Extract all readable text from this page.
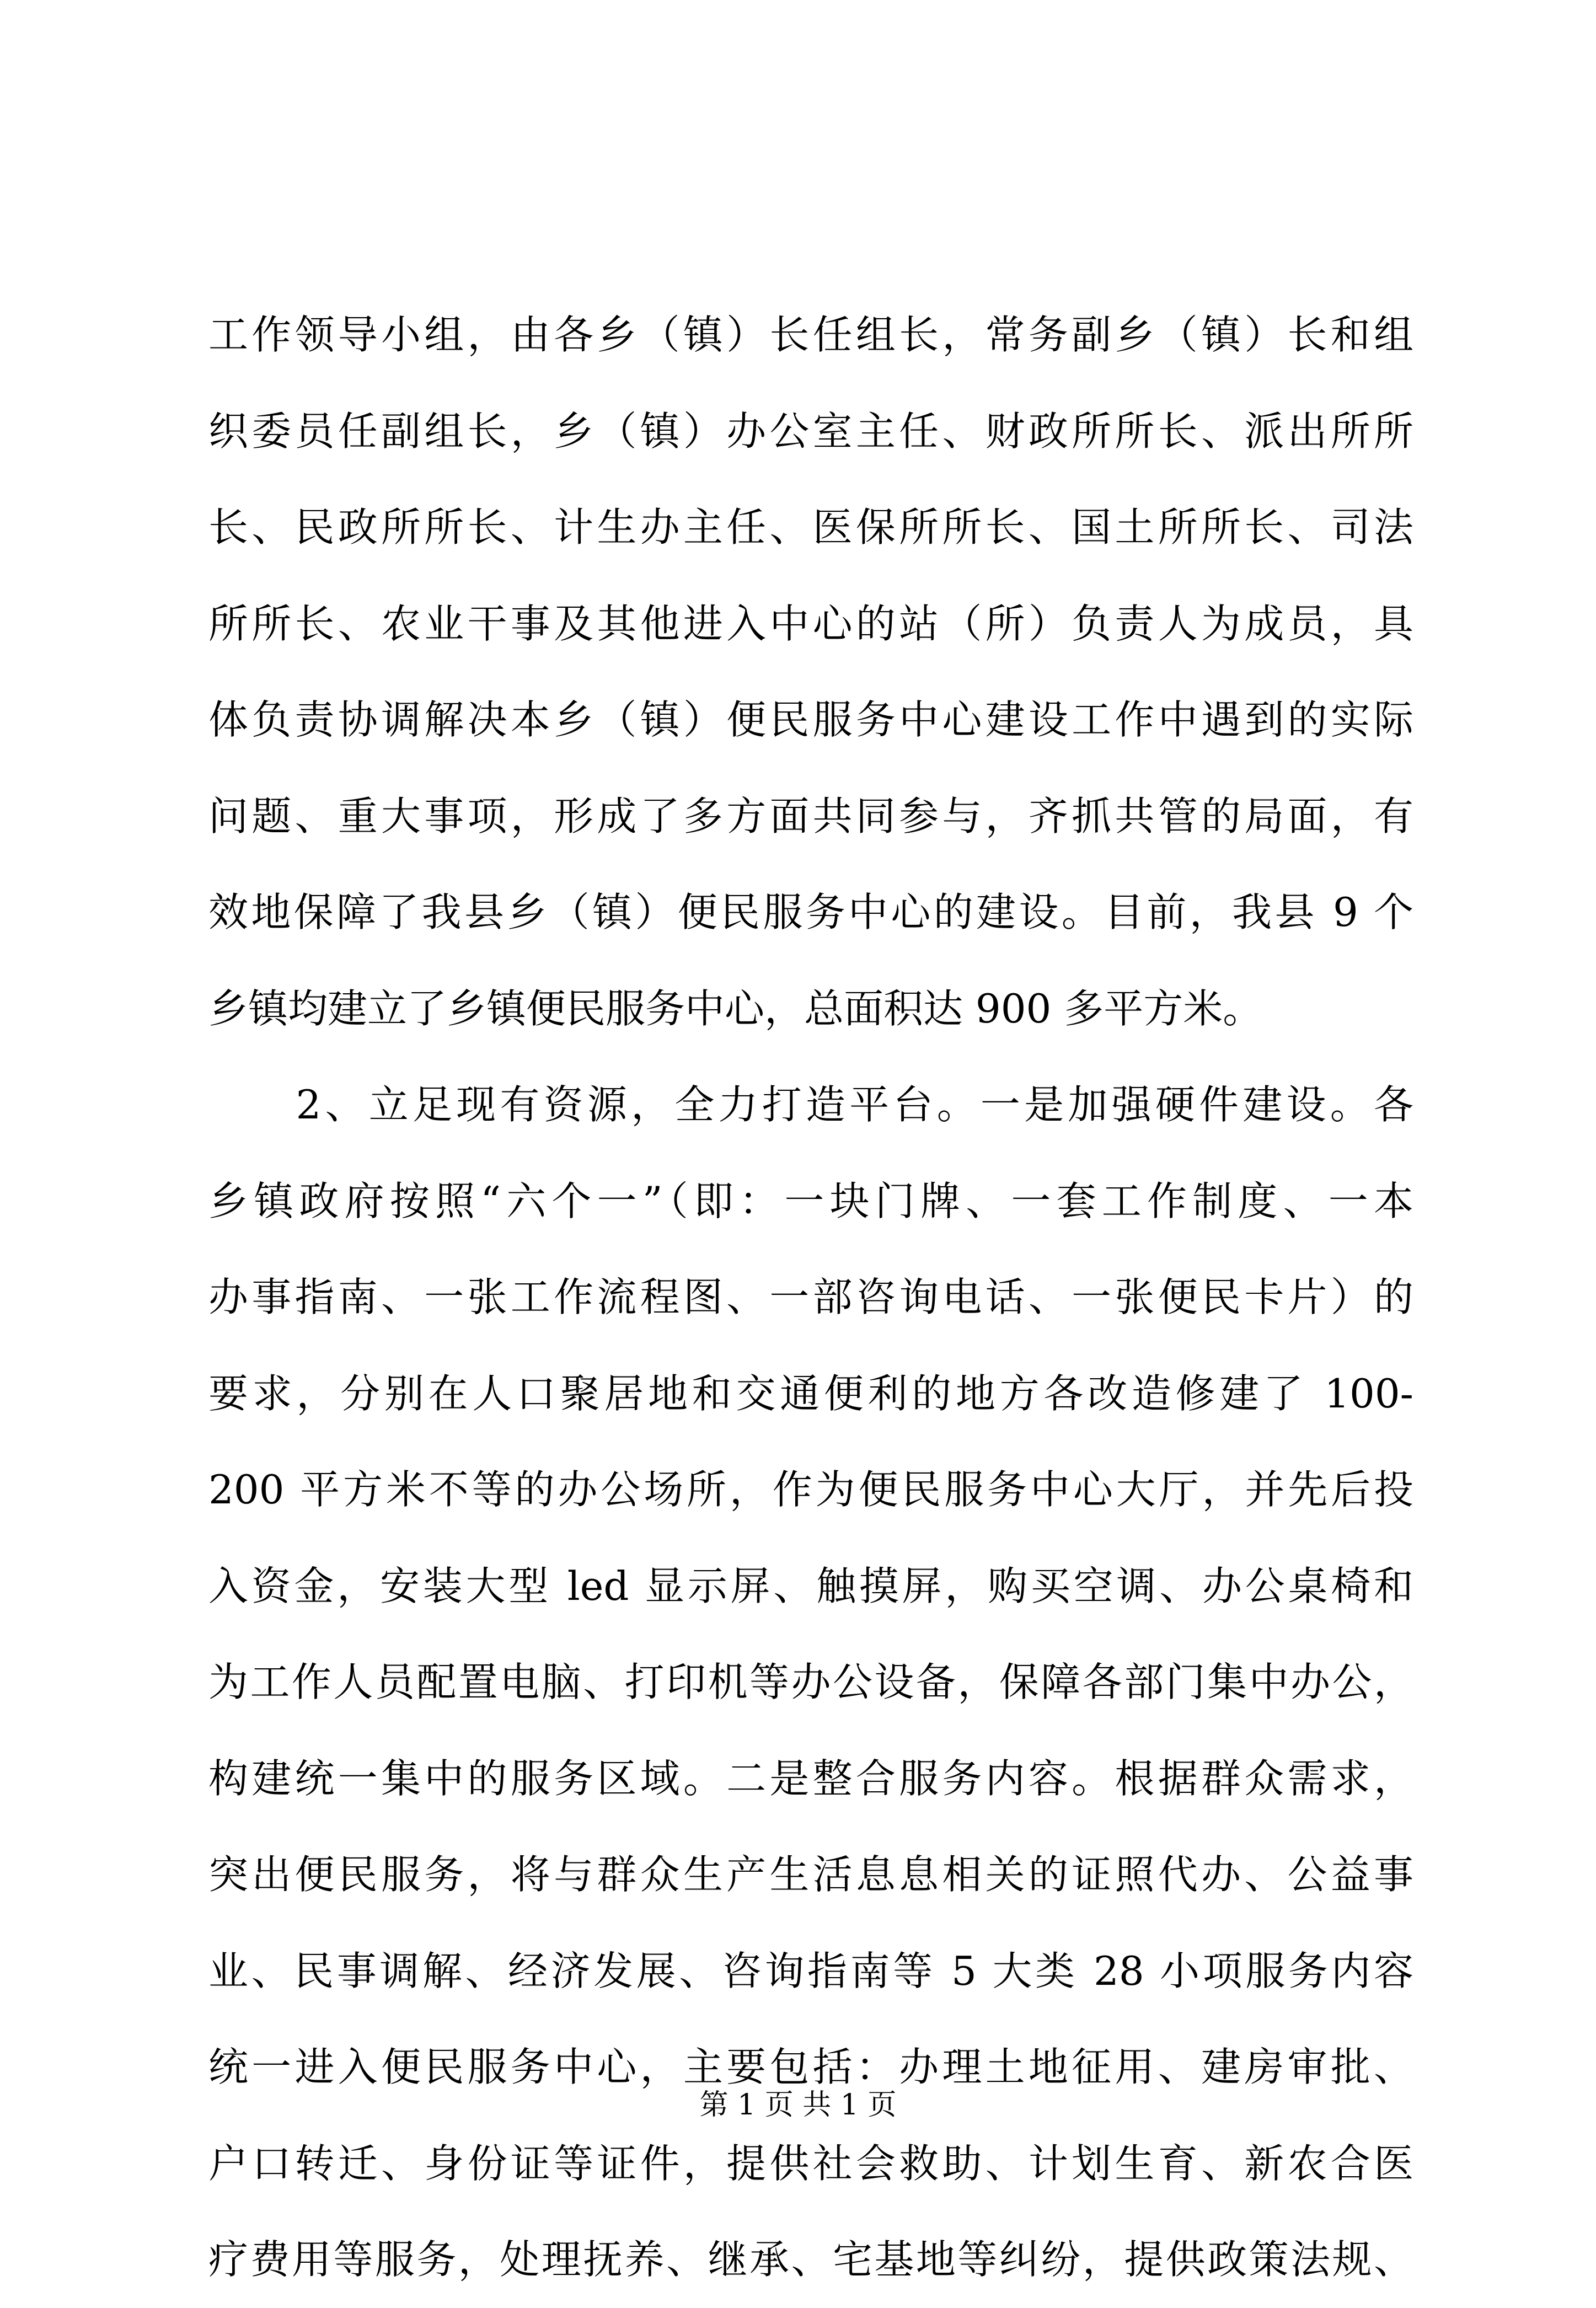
工作领导小组，由各乡（镇）长任组长，常务副乡（镇）长和组
织委员任副组长，乡（镇）办公室主任、财政所所长、派出所所
长、民政所所长、计生办主任、医保所所长、国土所所长、司法
所所长、农业干事及其他进入中心的站（所）负责人为成员，具
体负责协调解决本乡（镇）便民服务中心建设工作中遇到的实际
问题、重大事项，形成了多方面共同参与，齐抓共管的局面，有
效地保障了我县乡（镇）便民服务中心的建设。目前，我县 9 个
乡镇均建立了乡镇便民服务中心，总面积达 900 多平方米。
　　2、立足现有资源，全力打造平台。一是加强硬件建设。各
乡镇政府按照“六个一”（即：一块门牌、一套工作制度、一本
办事指南、一张工作流程图、一部咨询电话、一张便民卡片）的
要求，分别在人口聚居地和交通便利的地方各改造修建了 100-
200 平方米不等的办公场所，作为便民服务中心大厅，并先后投
入资金，安装大型 led 显示屏、触摸屏，购买空调、办公桌椅和
为工作人员配置电脑、打印机等办公设备，保障各部门集中办公，
构建统一集中的服务区域。二是整合服务内容。根据群众需求，
突出便民服务，将与群众生产生活息息相关的证照代办、公益事
业、民事调解、经济发展、咨询指南等 5 大类 28 小项服务内容
统一进入便民服务中心，主要包括：办理土地征用、建房审批、
户口转迁、身份证等证件，提供社会救助、计划生育、新农合医
疗费用等服务，处理抚养、继承、宅基地等纠纷，提供政策法规、
第 1 页 共 1 页
